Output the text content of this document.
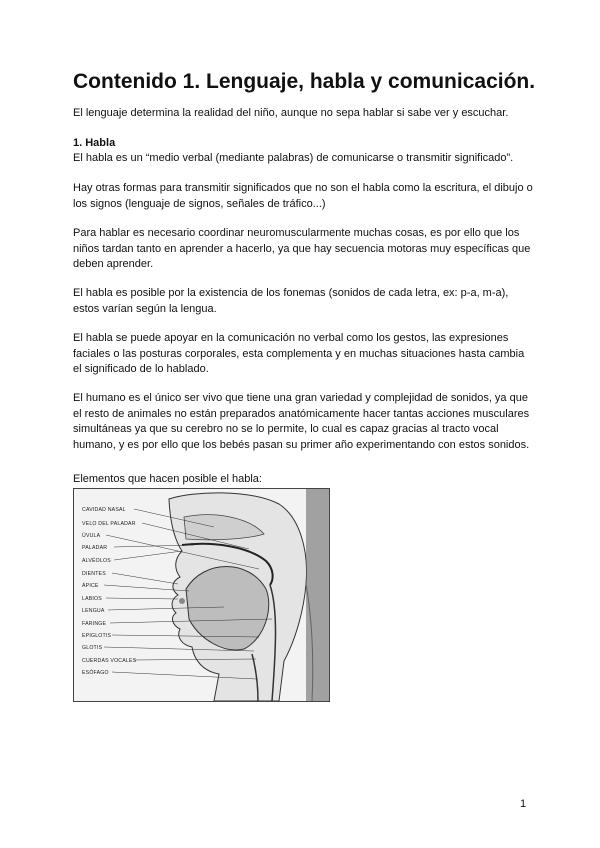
Contenido 1. Lenguaje, habla y comunicación.

El lenguaje determina la realidad del niño, aunque no sepa hablar si sabe ver y escuchar.

1. Habla

El habla es un “medio verbal (mediante palabras) de comunicarse o transmitir significado”.

Hay otras formas para transmitir significados que no son el habla como la escritura, el dibujo o los signos (lenguaje de signos, señales de tráfico...)

Para hablar es necesario coordinar neuromuscularmente muchas cosas, es por ello que los niños tardan tanto en aprender a hacerlo, ya que hay secuencia motoras muy específicas que deben aprender.

El habla es posible por la existencia de los fonemas (sonidos de cada letra, ex: p-a, m-a), estos varían según la lengua.

El habla se puede apoyar en la comunicación no verbal como los gestos, las expresiones faciales o las posturas corporales, esta complementa y en muchas situaciones hasta cambia el significado de lo hablado.

El humano es el único ser vivo que tiene una gran variedad y complejidad de sonidos, ya que el resto de animales no están preparados anatómicamente hacer tantas acciones musculares simultáneas ya que su cerebro no se lo permite, lo cual es capaz gracias al tracto vocal humano, y es por ello que los bebés pasan su primer año experimentando con estos sonidos.

Elementos que hacen posible el habla:

CAVIDAD NASAL
VELO DEL PALADAR
ÚVULA
PALADAR
ALVÉOLOS
DIENTES
ÁPICE
LABIOS
LENGUA
FARINGE
EPIGLOTIS
GLOTIS
CUERDAS VOCALES
ESÓFAGO
1
